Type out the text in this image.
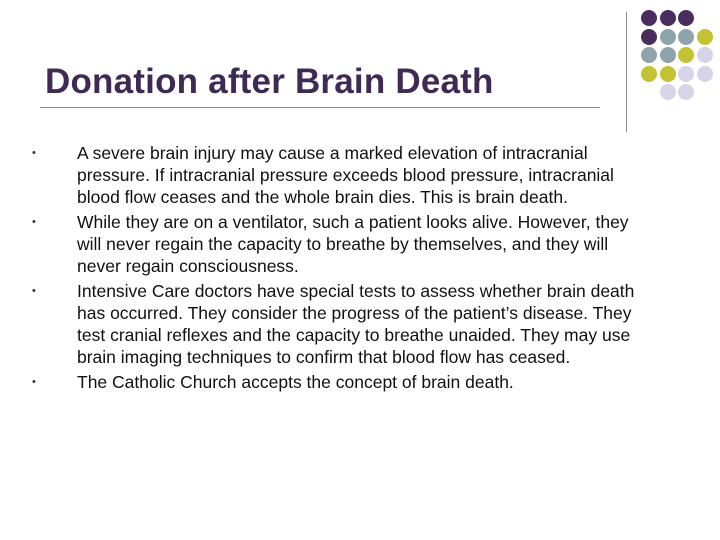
Donation after Brain Death
• A severe brain injury may cause a marked elevation of intracranial pressure. If intracranial pressure exceeds blood pressure, intracranial blood flow ceases and the whole brain dies. This is brain death.
• While they are on a ventilator, such a patient looks alive. However, they will never regain the capacity to breathe by themselves, and they will never regain consciousness.
• Intensive Care doctors have special tests to assess whether brain death has occurred. They consider the progress of the patient’s disease. They test cranial reflexes and the capacity to breathe unaided. They may use brain imaging techniques to confirm that blood flow has ceased.
• The Catholic Church accepts the concept of brain death.
